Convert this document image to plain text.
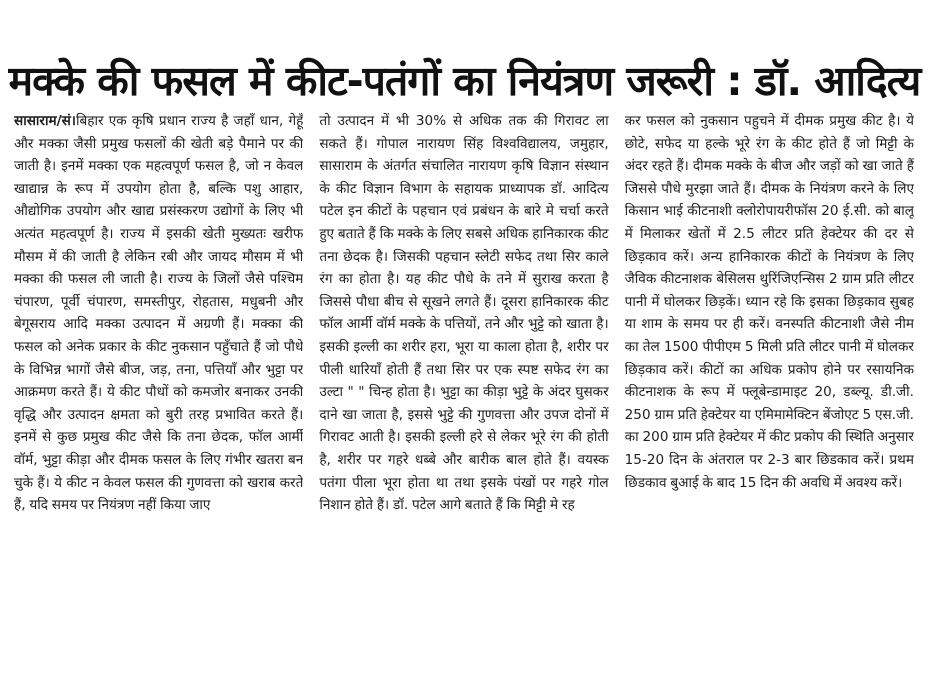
मक्के की फसल में कीट-पतंगों का नियंत्रण जरूरी : डॉ. आदित्य
सासाराम/सं।बिहार एक कृषि प्रधान राज्य है जहाँ धान, गेहूँ और मक्का जैसी प्रमुख फसलों की खेती बड़े पैमाने पर की जाती है। इनमें मक्का एक महत्वपूर्ण फसल है, जो न केवल खाद्यान्न के रूप में उपयोग होता है, बल्कि पशु आहार, औद्योगिक उपयोग और खाद्य प्रसंस्करण उद्योगों के लिए भी अत्यंत महत्वपूर्ण है। राज्य में इसकी खेती मुख्यतः खरीफ मौसम में की जाती है लेकिन रबी और जायद मौसम में भी मक्का की फसल ली जाती है। राज्य के जिलों जैसे पश्चिम चंपारण, पूर्वी चंपारण, समस्तीपुर, रोहतास, मधुबनी और बेगूसराय आदि मक्का उत्पादन में अग्रणी हैं। मक्का की फसल को अनेक प्रकार के कीट नुकसान पहुँचाते हैं जो पौधे के विभिन्न भागों जैसे बीज, जड़, तना, पत्तियाँ और भुट्टा पर आक्रमण करते हैं। ये कीट पौधों को कमजोर बनाकर उनकी वृद्धि और उत्पादन क्षमता को बुरी तरह प्रभावित करते हैं। इनमें से कुछ प्रमुख कीट जैसे कि तना छेदक, फॉल आर्मी वॉर्म, भुट्टा कीड़ा और दीमक फसल के लिए गंभीर खतरा बन चुके हैं। ये कीट न केवल फसल की गुणवत्ता को खराब करते हैं, यदि समय पर नियंत्रण नहीं किया जाए
तो उत्पादन में भी 30% से अधिक तक की गिरावट ला सकते हैं। गोपाल नारायण सिंह विश्वविद्यालय, जमुहार, सासाराम के अंतर्गत संचालित नारायण कृषि विज्ञान संस्थान के कीट विज्ञान विभाग के सहायक प्राध्यापक डॉ. आदित्य पटेल इन कीटों के पहचान एवं प्रबंधन के बारे मे चर्चा करते हुए बताते हैं कि मक्के के लिए सबसे अधिक हानिकारक कीट तना छेदक है। जिसकी पहचान स्लेटी सफेद तथा सिर काले रंग का होता है। यह कीट पौधे के तने में सुराख करता है जिससे पौधा बीच से सूखने लगते हैं। दूसरा हानिकारक कीट फॉल आर्मी वॉर्म मक्के के पत्तियों, तने और भुट्टे को खाता है। इसकी इल्ली का शरीर हरा, भूरा या काला होता है, शरीर पर पीली धारियाँ होती हैं तथा सिर पर एक स्पष्ट सफेद रंग का उल्टा " " चिन्ह होता है। भुट्टा का कीड़ा भुट्टे के अंदर घुसकर दाने खा जाता है, इससे भुट्टे की गुणवत्ता और उपज दोनों में गिरावट आती है। इसकी इल्ली हरे से लेकर भूरे रंग की होती है, शरीर पर गहरे धब्बे और बारीक बाल होते हैं। वयस्क पतंगा पीला भूरा होता था तथा इसके पंखों पर गहरे गोल निशान होते हैं। डॉ. पटेल आगे बताते हैं कि मिट्टी मे रह
कर फसल को नुकसान पहुचने में दीमक प्रमुख कीट है। ये छोटे, सफेद या हल्के भूरे रंग के कीट होते हैं जो मिट्टी के अंदर रहते हैं। दीमक मक्के के बीज और जड़ों को खा जाते हैं जिससे पौधे मुरझा जाते हैं। दीमक के नियंत्रण करने के लिए किसान भाई कीटनाशी क्लोरोपायरीफॉस 20 ई.सी. को बालू में मिलाकर खेतों में 2.5 लीटर प्रति हेक्टेयर की दर से छिड़काव करें। अन्य हानिकारक कीटों के नियंत्रण के लिए जैविक कीटनाशक बेसिलस थुरिंजिएन्सिस 2 ग्राम प्रति लीटर पानी में घोलकर छिड़कें। ध्यान रहे कि इसका छिड़काव सुबह या शाम के समय पर ही करें। वनस्पति कीटनाशी जैसे नीम का तेल 1500 पीपीएम 5 मिली प्रति लीटर पानी में घोलकर छिड़काव करें। कीटों का अधिक प्रकोप होने पर रसायनिक कीटनाशक के रूप में फ्लूबेन्डामाइट 20, डब्ल्यू. डी.जी. 250 ग्राम प्रति हेक्टेयर या एमिमामेक्टिन बेंजोएट 5 एस.जी. का 200 ग्राम प्रति हेक्टेयर में कीट प्रकोप की स्थिति अनुसार 15-20 दिन के अंतराल पर 2-3 बार छिडकाव करें। प्रथम छिडकाव बुआई के बाद 15 दिन की अवधि में अवश्य करें।
